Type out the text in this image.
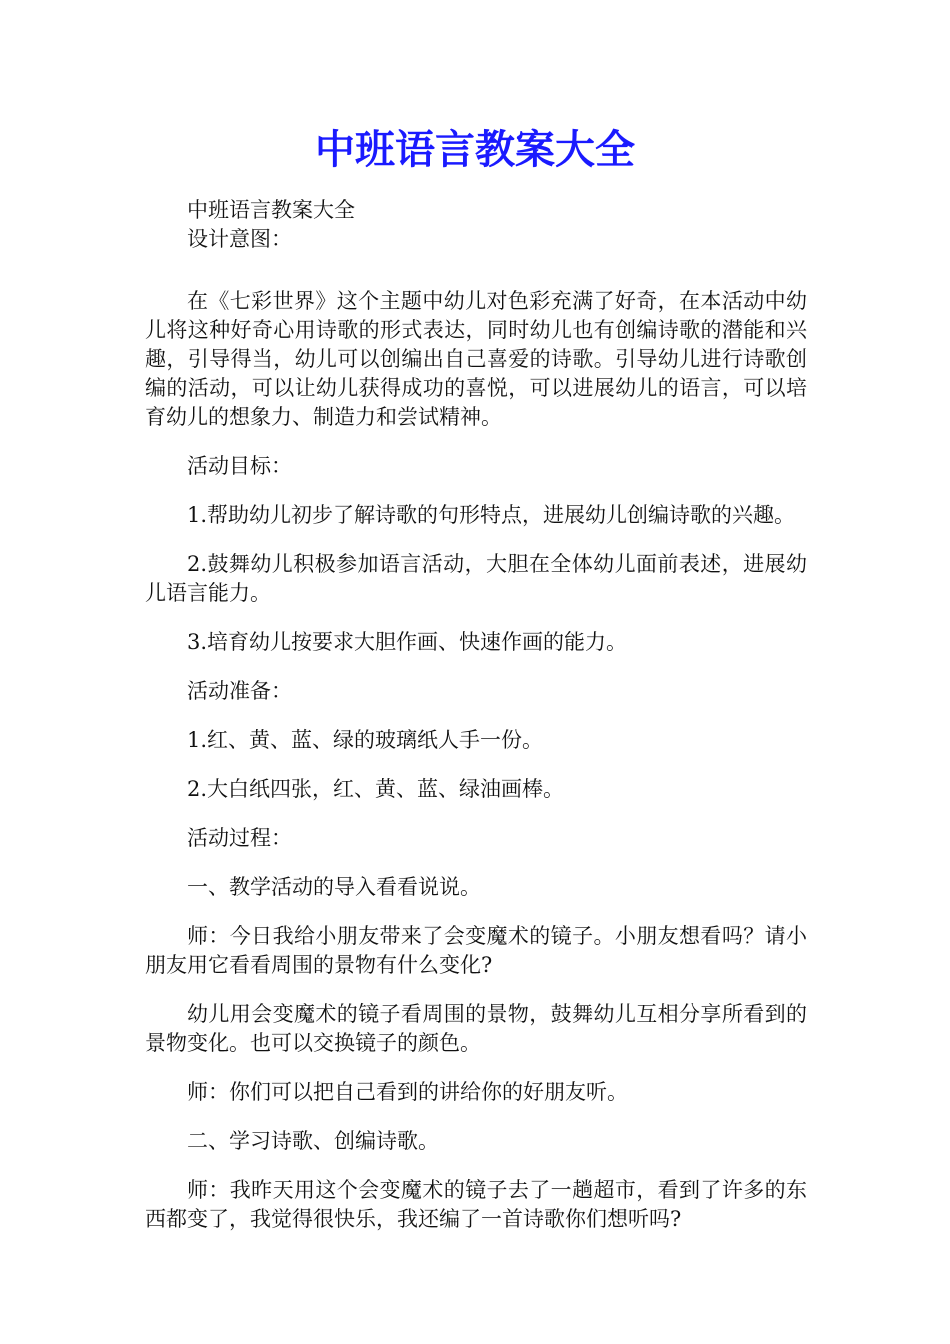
中班语言教案大全

中班语言教案大全

设计意图：

在《七彩世界》这个主题中幼儿对色彩充满了好奇，在本活动中幼儿将这种好奇心用诗歌的形式表达，同时幼儿也有创编诗歌的潜能和兴趣，引导得当，幼儿可以创编出自己喜爱的诗歌。引导幼儿进行诗歌创编的活动，可以让幼儿获得成功的喜悦，可以进展幼儿的语言，可以培育幼儿的想象力、制造力和尝试精神。

活动目标：

1.帮助幼儿初步了解诗歌的句形特点，进展幼儿创编诗歌的兴趣。

2.鼓舞幼儿积极参加语言活动，大胆在全体幼儿面前表述，进展幼儿语言能力。

3.培育幼儿按要求大胆作画、快速作画的能力。

活动准备：

1.红、黄、蓝、绿的玻璃纸人手一份。

2.大白纸四张，红、黄、蓝、绿油画棒。

活动过程：

一、教学活动的导入看看说说。

师：今日我给小朋友带来了会变魔术的镜子。小朋友想看吗？请小朋友用它看看周围的景物有什么变化?

幼儿用会变魔术的镜子看周围的景物，鼓舞幼儿互相分享所看到的景物变化。也可以交换镜子的颜色。

师：你们可以把自己看到的讲给你的好朋友听。

二、学习诗歌、创编诗歌。

师：我昨天用这个会变魔术的镜子去了一趟超市，看到了许多的东西都变了，我觉得很快乐，我还编了一首诗歌你们想听吗?
